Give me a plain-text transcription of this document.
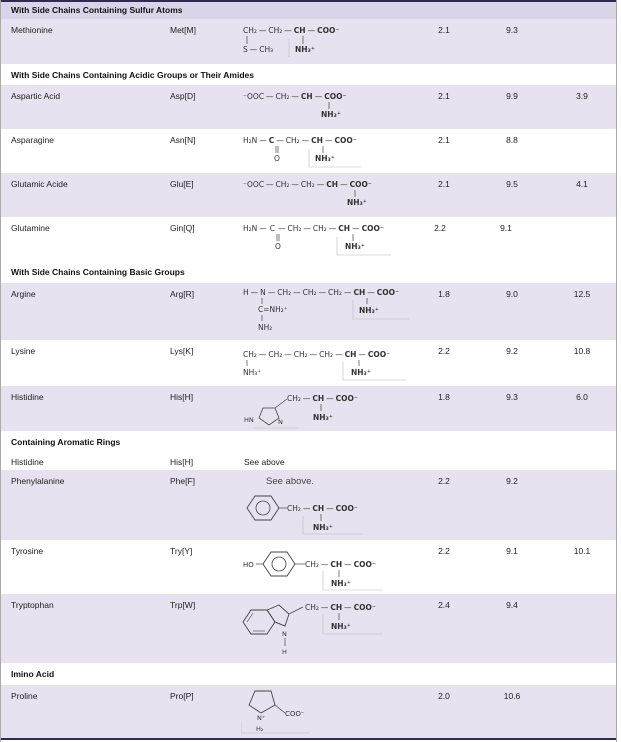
With Side Chains Containing Sulfur Atoms
Methionine	Met[M]	CH₂ — CH₂ — CH — COO⁻
S — CH₃	NH₃⁺
2.1	9.3
With Side Chains Containing Acidic Groups or Their Amides
Aspartic Acid	Asp[D]	⁻OOC — CH₂ — CH — COO⁻
NH₃⁺
2.1	9.9	3.9
Asparagine	Asn[N]	H₂N — C — CH₂ — CH — COO⁻
O	NH₃⁺
2.1	8.8
Glutamic Acide	Glu[E]	⁻OOC — CH₂ — CH₂ — CH — COO⁻
NH₃⁺
2.1	9.5	4.1
Glutamine	Gin[Q]	H₂N — C — CH₂ — CH₂ — CH — COO⁻
O	NH₃⁺
2.2	9.1
With Side Chains Containing Basic Groups
Argine	Arg[R]	H — N — CH₂ — CH₂ — CH₂ — CH — COO⁻
C=NH₂⁺
NH₂
NH₃⁺
1.8	9.0	12.5
Lysine	Lys[K]	CH₂ — CH₂ — CH₂ — CH₂ — CH — COO⁻
NH₃⁺	NH₃⁺
2.2	9.2	10.8
Histidine	His[H]
HN	N
CH₂ — CH — COO⁻
NH₃⁺
1.8	9.3	6.0
Containing Aromatic Rings
Histidine	His[H]	See above
Phenylalanine	Phe[F]	See above.
CH₂ — CH — COO⁻
NH₃⁺
2.2	9.2
Tyrosine	Try[Y]
HO	CH₂ — CH — COO⁻
NH₃⁺
2.2	9.1	10.1
Tryptophan	Trp[W]
N
H
CH₂ — CH — COO⁻
NH₃⁺
2.4	9.4
Imino Acid
Proline	Pro[P]
N⁺
H₂
COO⁻
2.0	10.6
